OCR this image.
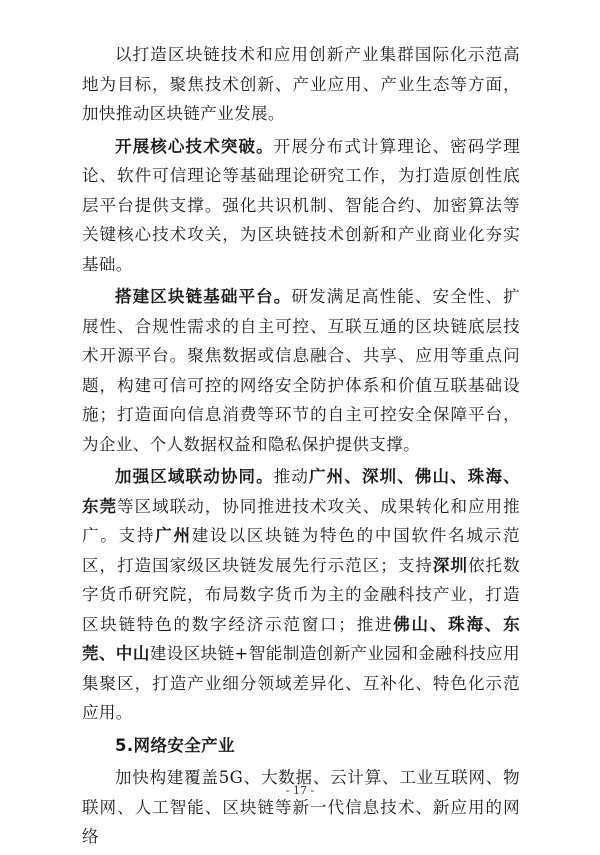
以打造区块链技术和应用创新产业集群国际化示范高地为目标，聚焦技术创新、产业应用、产业生态等方面，加快推动区块链产业发展。

开展核心技术突破。开展分布式计算理论、密码学理论、软件可信理论等基础理论研究工作，为打造原创性底层平台提供支撑。强化共识机制、智能合约、加密算法等关键核心技术攻关，为区块链技术创新和产业商业化夯实基础。

搭建区块链基础平台。研发满足高性能、安全性、扩展性、合规性需求的自主可控、互联互通的区块链底层技术开源平台。聚焦数据或信息融合、共享、应用等重点问题，构建可信可控的网络安全防护体系和价值互联基础设施；打造面向信息消费等环节的自主可控安全保障平台，为企业、个人数据权益和隐私保护提供支撑。

加强区域联动协同。推动广州、深圳、佛山、珠海、东莞等区域联动，协同推进技术攻关、成果转化和应用推广。支持广州建设以区块链为特色的中国软件名城示范区，打造国家级区块链发展先行示范区；支持深圳依托数字货币研究院，布局数字货币为主的金融科技产业，打造区块链特色的数字经济示范窗口；推进佛山、珠海、东莞、中山建设区块链+智能制造创新产业园和金融科技应用集聚区，打造产业细分领域差异化、互补化、特色化示范应用。

5.网络安全产业

加快构建覆盖5G、大数据、云计算、工业互联网、物联网、人工智能、区块链等新一代信息技术、新应用的网络

- 17 -
